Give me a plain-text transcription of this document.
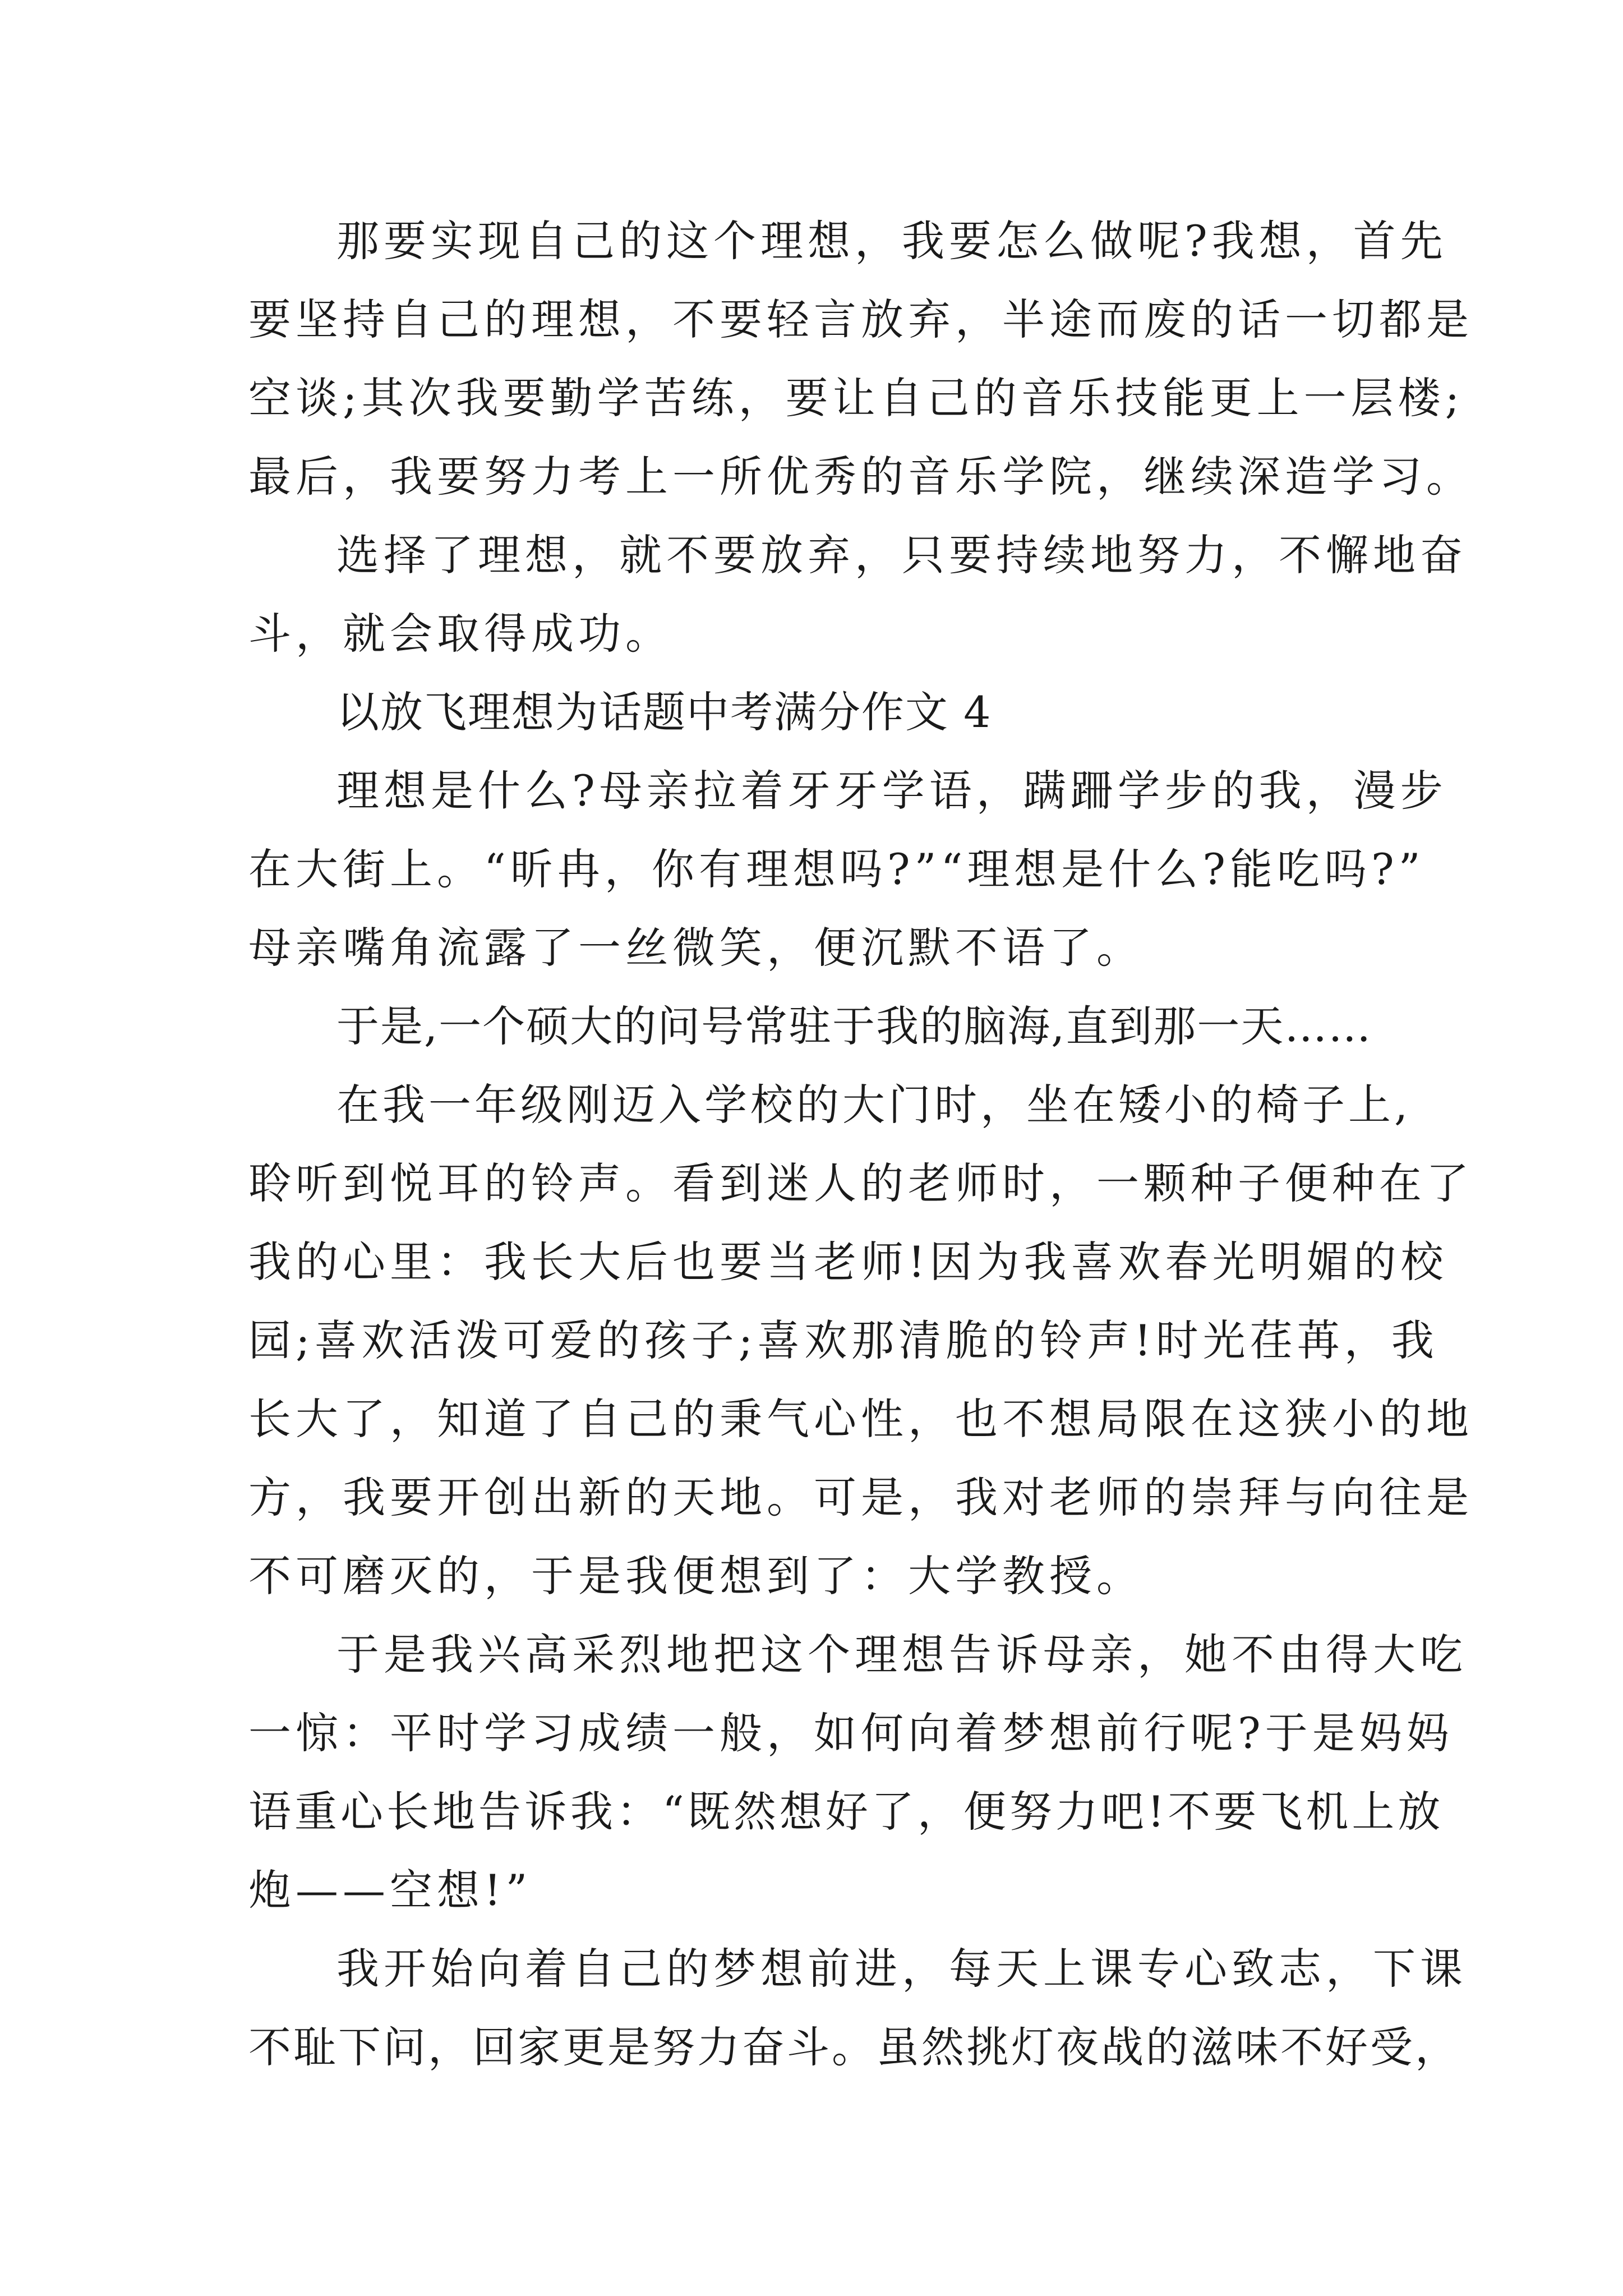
那要实现自己的这个理想，我要怎么做呢?我想，首先
要坚持自己的理想，不要轻言放弃，半途而废的话一切都是
空谈;其次我要勤学苦练，要让自己的音乐技能更上一层楼;
最后，我要努力考上一所优秀的音乐学院，继续深造学习。
选择了理想，就不要放弃，只要持续地努力，不懈地奋
斗，就会取得成功。
以放飞理想为话题中考满分作文 4
理想是什么?母亲拉着牙牙学语，蹒跚学步的我，漫步
在大街上。“昕冉，你有理想吗?”“理想是什么?能吃吗?”
母亲嘴角流露了一丝微笑，便沉默不语了。
于是,一个硕大的问号常驻于我的脑海,直到那一天……
在我一年级刚迈入学校的大门时，坐在矮小的椅子上,
聆听到悦耳的铃声。看到迷人的老师时，一颗种子便种在了
我的心里：我长大后也要当老师!因为我喜欢春光明媚的校
园;喜欢活泼可爱的孩子;喜欢那清脆的铃声!时光荏苒，我
长大了，知道了自己的秉气心性，也不想局限在这狭小的地
方，我要开创出新的天地。可是，我对老师的崇拜与向往是
不可磨灭的，于是我便想到了：大学教授。
于是我兴高采烈地把这个理想告诉母亲，她不由得大吃
一惊：平时学习成绩一般，如何向着梦想前行呢?于是妈妈
语重心长地告诉我：“既然想好了，便努力吧!不要飞机上放
炮——空想!”
我开始向着自己的梦想前进，每天上课专心致志，下课
不耻下问，回家更是努力奋斗。虽然挑灯夜战的滋味不好受，
